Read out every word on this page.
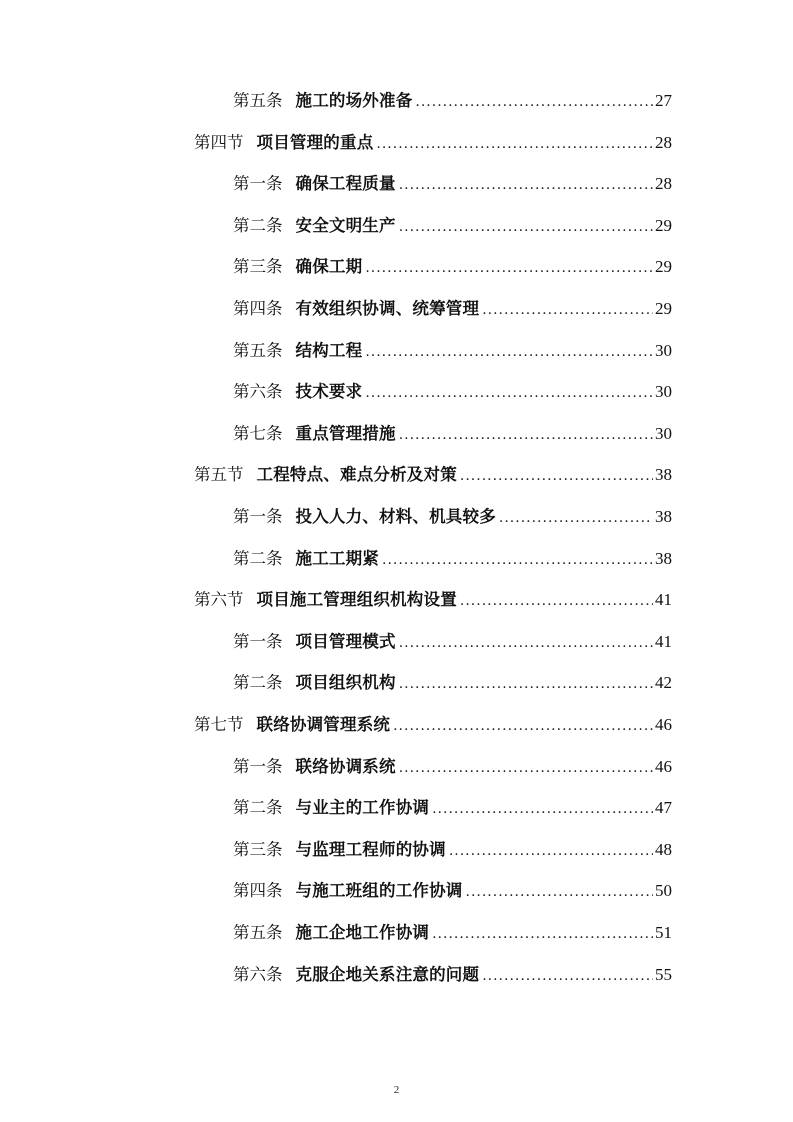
第五条 施工的场外准备 .....	27
第四节 项目管理的重点 .....	28
第一条 确保工程质量 .....	28
第二条 安全文明生产 .....	29
第三条 确保工期 .....	29
第四条 有效组织协调、统筹管理 .....	29
第五条 结构工程 .....	30
第六条 技术要求 .....	30
第七条 重点管理措施 .....	30
第五节 工程特点、难点分析及对策 .....	38
第一条 投入人力、材料、机具较多 .....	38
第二条 施工工期紧 .....	38
第六节 项目施工管理组织机构设置 .....	41
第一条 项目管理模式 .....	41
第二条 项目组织机构 .....	42
第七节 联络协调管理系统 .....	46
第一条 联络协调系统 .....	46
第二条 与业主的工作协调 .....	47
第三条 与监理工程师的协调 .....	48
第四条 与施工班组的工作协调 .....	50
第五条 施工企地工作协调 .....	51
第六条 克服企地关系注意的问题 .....	55
2
